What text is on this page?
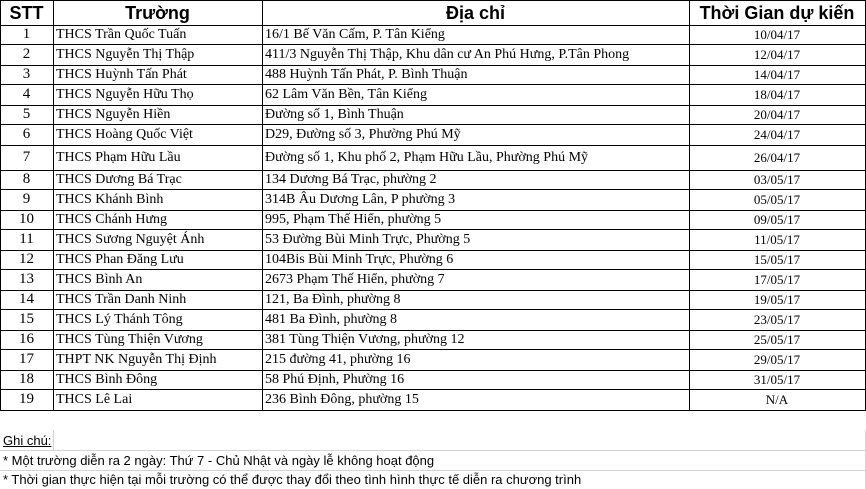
STT	Trường	Địa chỉ	Thời Gian dự kiến
1	THCS Trần Quốc Tuấn	16/1 Bế Văn Cấm, P. Tân Kiểng	10/04/17
2	THCS Nguyễn Thị Thập	411/3 Nguyễn Thị Thập, Khu dân cư An Phú Hưng, P.Tân Phong	12/04/17
3	THCS Huỳnh Tấn Phát	488 Huỳnh Tấn Phát, P. Bình Thuận	14/04/17
4	THCS Nguyễn Hữu Thọ	62 Lâm Văn Bền, Tân Kiểng	18/04/17
5	THCS Nguyễn Hiền	Đường số 1, Bình Thuận	20/04/17
6	THCS Hoàng Quốc Việt	D29, Đường số 3, Phường Phú Mỹ	24/04/17
7	THCS Phạm Hữu Lầu	Đường số 1, Khu phố 2, Phạm Hữu Lầu, Phường Phú Mỹ	26/04/17
8	THCS Dương Bá Trạc	134 Dương Bá Trạc, phường 2	03/05/17
9	THCS Khánh Bình	314B Âu Dương Lân, P phường 3	05/05/17
10	THCS Chánh Hưng	995, Phạm Thế Hiển, phường 5	09/05/17
11	THCS Sương Nguyệt Ánh	53 Đường Bùi Minh Trực, Phường 5	11/05/17
12	THCS Phan Đăng Lưu	104Bis Bùi Minh Trực, Phường 6	15/05/17
13	THCS Bình An	2673 Phạm Thế Hiển, phường 7	17/05/17
14	THCS Trần Danh Ninh	121, Ba Đình, phường 8	19/05/17
15	THCS Lý Thánh Tông	481 Ba Đình, phường 8	23/05/17
16	THCS Tùng Thiện Vương	381 Tùng Thiện Vương, phường 12	25/05/17
17	THPT NK Nguyễn Thị Định	215 đường 41, phường 16	29/05/17
18	THCS Bình Đông	58 Phú Định, Phường 16	31/05/17
19	THCS Lê Lai	236 Bình Đông, phường 15	N/A
Ghi chú:
* Một trường diễn ra 2 ngày: Thứ 7 - Chủ Nhật và ngày lễ không hoạt động
* Thời gian thực hiện tại mỗi trường có thể được thay đổi theo tình hình thực tế diễn ra chương trình
